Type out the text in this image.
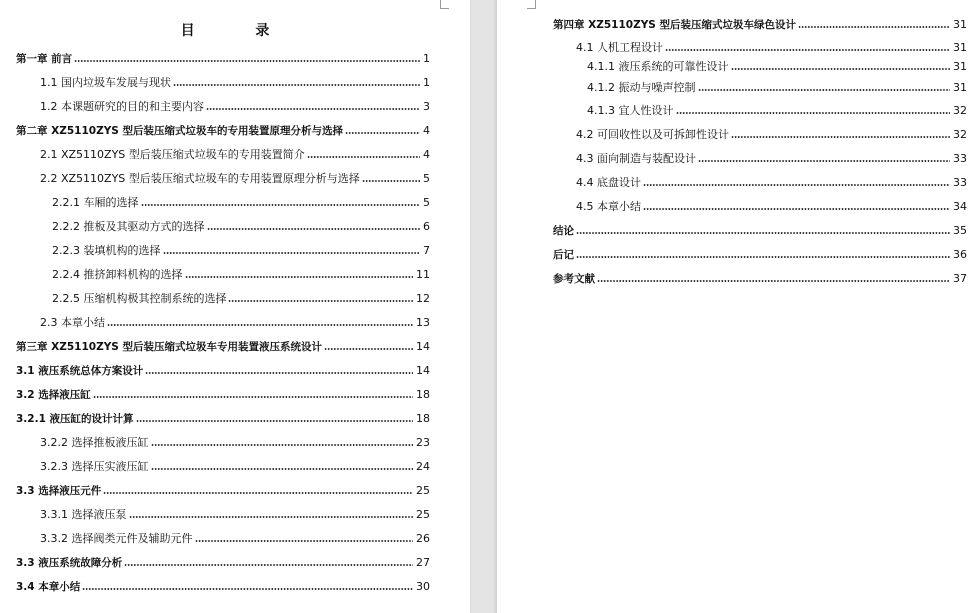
目 录
第一章 前言	1
1.1 国内垃圾车发展与现状	1
1.2 本课题研究的目的和主要内容	3
第二章 XZ5110ZYS 型后装压缩式垃圾车的专用装置原理分析与选择	4
2.1 XZ5110ZYS 型后装压缩式垃圾车的专用装置简介	4
2.2 XZ5110ZYS 型后装压缩式垃圾车的专用装置原理分析与选择	5
2.2.1 车厢的选择	5
2.2.2 推板及其驱动方式的选择	6
2.2.3 装填机构的选择	7
2.2.4 推挤卸料机构的选择	11
2.2.5 压缩机构极其控制系统的选择	12
2.3 本章小结	13
第三章 XZ5110ZYS 型后装压缩式垃圾车专用装置液压系统设计	14
3.1 液压系统总体方案设计	14
3.2 选择液压缸	18
3.2.1 液压缸的设计计算	18
3.2.2 选择推板液压缸	23
3.2.3 选择压实液压缸	24
3.3 选择液压元件	25
3.3.1 选择液压泵	25
3.3.2 选择阀类元件及辅助元件	26
3.3 液压系统故障分析	27
3.4 本章小结	30
第四章 XZ5110ZYS 型后装压缩式垃圾车绿色设计	31
4.1 人机工程设计	31
4.1.1 液压系统的可靠性设计	31
4.1.2 振动与噪声控制	31
4.1.3 宜人性设计	32
4.2 可回收性以及可拆卸性设计	32
4.3 面向制造与装配设计	33
4.4 底盘设计	33
4.5 本章小结	34
结论	35
后记	36
参考文献	37
